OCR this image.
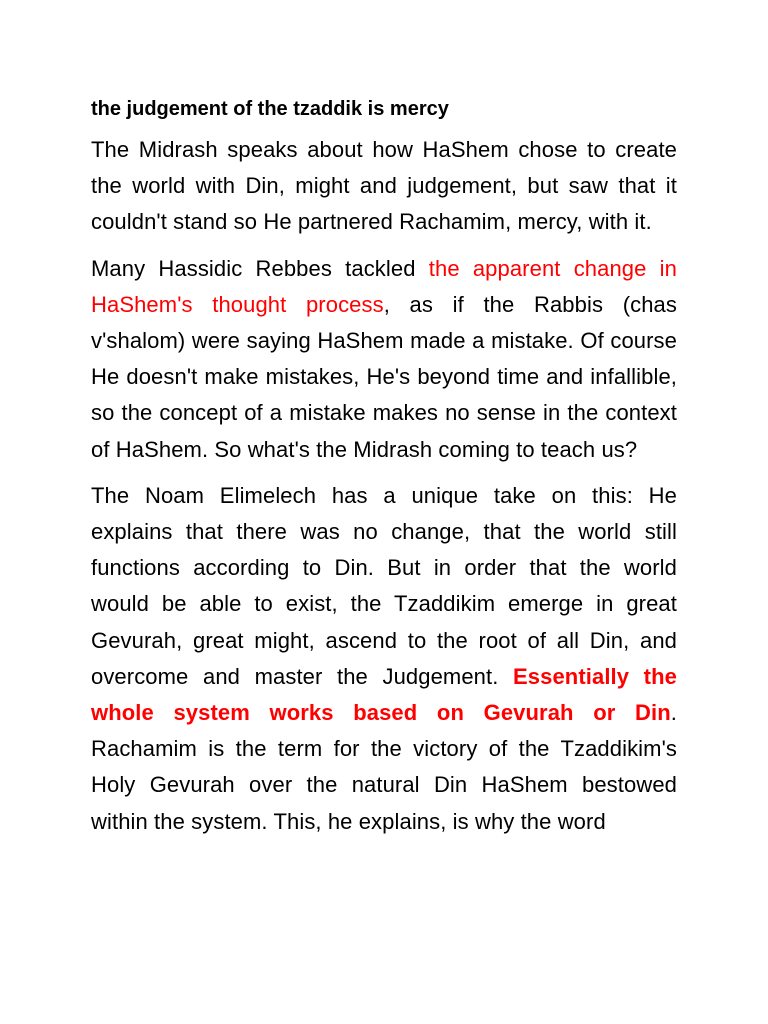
the judgement of the tzaddik is mercy

The Midrash speaks about how HaShem chose to create the world with Din, might and judgement, but saw that it couldn't stand so He partnered Rachamim, mercy, with it.

Many Hassidic Rebbes tackled the apparent change in HaShem's thought process, as if the Rabbis (chas v'shalom) were saying HaShem made a mistake. Of course He doesn't make mistakes, He's beyond time and infallible, so the concept of a mistake makes no sense in the context of HaShem. So what's the Midrash coming to teach us?

The Noam Elimelech has a unique take on this: He explains that there was no change, that the world still functions according to Din. But in order that the world would be able to exist, the Tzaddikim emerge in great Gevurah, great might, ascend to the root of all Din, and overcome and master the Judgement. Essentially the whole system works based on Gevurah or Din. Rachamim is the term for the victory of the Tzaddikim's Holy Gevurah over the natural Din HaShem bestowed within the system. This, he explains, is why the word
